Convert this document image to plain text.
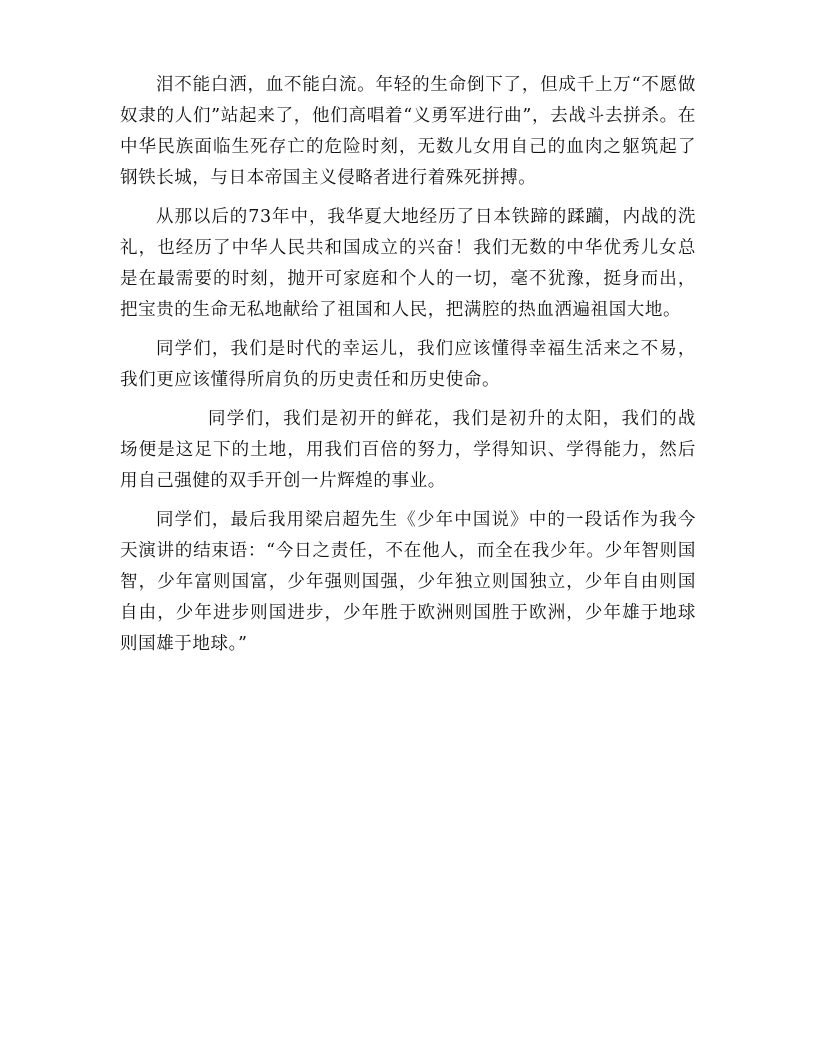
泪不能白洒，血不能白流。年轻的生命倒下了，但成千上万“不愿做奴隶的人们”站起来了，他们高唱着“义勇军进行曲”，去战斗去拼杀。在中华民族面临生死存亡的危险时刻，无数儿女用自己的血肉之躯筑起了钢铁长城，与日本帝国主义侵略者进行着殊死拼搏。

从那以后的73年中，我华夏大地经历了日本铁蹄的蹂躏，内战的洗礼，也经历了中华人民共和国成立的兴奋！我们无数的中华优秀儿女总是在最需要的时刻，抛开可家庭和个人的一切，毫不犹豫，挺身而出，把宝贵的生命无私地献给了祖国和人民，把满腔的热血洒遍祖国大地。

同学们，我们是时代的幸运儿，我们应该懂得幸福生活来之不易，我们更应该懂得所肩负的历史责任和历史使命。

同学们，我们是初开的鲜花，我们是初升的太阳，我们的战场便是这足下的土地，用我们百倍的努力，学得知识、学得能力，然后用自己强健的双手开创一片辉煌的事业。

同学们，最后我用梁启超先生《少年中国说》中的一段话作为我今天演讲的结束语：“今日之责任，不在他人，而全在我少年。少年智则国智，少年富则国富，少年强则国强，少年独立则国独立，少年自由则国自由，少年进步则国进步，少年胜于欧洲则国胜于欧洲，少年雄于地球则国雄于地球。”
